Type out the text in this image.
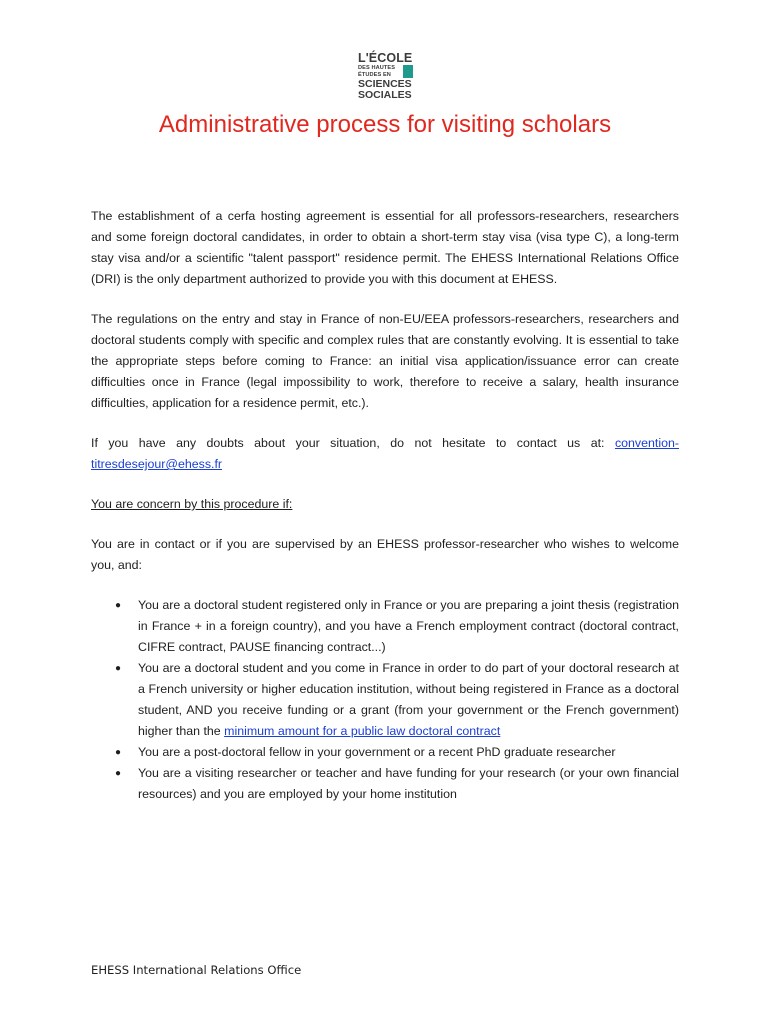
L'ÉCOLE
DES HAUTES
ÉTUDES EN
SCIENCES
SOCIALES
Administrative process for visiting scholars

The establishment of a cerfa hosting agreement is essential for all professors-researchers, researchers and some foreign doctoral candidates, in order to obtain a short-term stay visa (visa type C), a long-term stay visa and/or a scientific "talent passport" residence permit. The EHESS International Relations Office (DRI) is the only department authorized to provide you with this document at EHESS.

The regulations on the entry and stay in France of non-EU/EEA professors-researchers, researchers and doctoral students comply with specific and complex rules that are constantly evolving. It is essential to take the appropriate steps before coming to France: an initial visa application/issuance error can create difficulties once in France (legal impossibility to work, therefore to receive a salary, health insurance difficulties, application for a residence permit, etc.).

If you have any doubts about your situation, do not hesitate to contact us at: convention-titresdesejour@ehess.fr

You are concern by this procedure if:

You are in contact or if you are supervised by an EHESS professor-researcher who wishes to welcome you, and:

● You are a doctoral student registered only in France or you are preparing a joint thesis (registration in France + in a foreign country), and you have a French employment contract (doctoral contract, CIFRE contract, PAUSE financing contract...)
● You are a doctoral student and you come in France in order to do part of your doctoral research at a French university or higher education institution, without being registered in France as a doctoral student, AND you receive funding or a grant (from your government or the French government) higher than the minimum amount for a public law doctoral contract
● You are a post-doctoral fellow in your government or a recent PhD graduate researcher
● You are a visiting researcher or teacher and have funding for your research (or your own financial resources) and you are employed by your home institution
EHESS International Relations Office
